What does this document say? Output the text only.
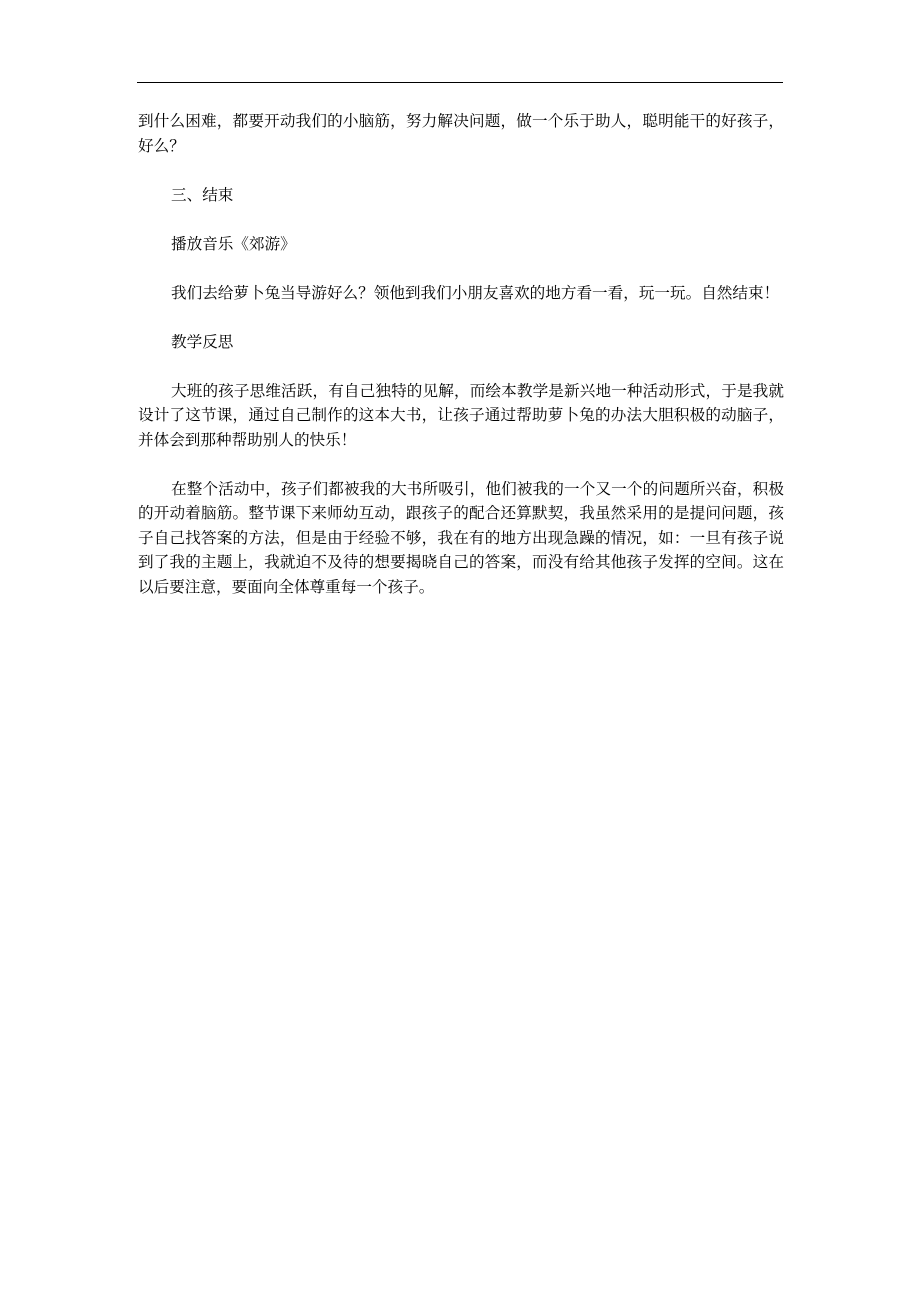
到什么困难，都要开动我们的小脑筋，努力解决问题，做一个乐于助人，聪明能干的好孩子，好么？

三、结束

播放音乐《郊游》

我们去给萝卜兔当导游好么？领他到我们小朋友喜欢的地方看一看，玩一玩。自然结束！

教学反思

大班的孩子思维活跃，有自己独特的见解，而绘本教学是新兴地一种活动形式，于是我就设计了这节课，通过自己制作的这本大书，让孩子通过帮助萝卜兔的办法大胆积极的动脑子，并体会到那种帮助别人的快乐！

在整个活动中，孩子们都被我的大书所吸引，他们被我的一个又一个的问题所兴奋，积极的开动着脑筋。整节课下来师幼互动，跟孩子的配合还算默契，我虽然采用的是提问问题，孩子自己找答案的方法，但是由于经验不够，我在有的地方出现急躁的情况，如：一旦有孩子说到了我的主题上，我就迫不及待的想要揭晓自己的答案，而没有给其他孩子发挥的空间。这在以后要注意，要面向全体尊重每一个孩子。
